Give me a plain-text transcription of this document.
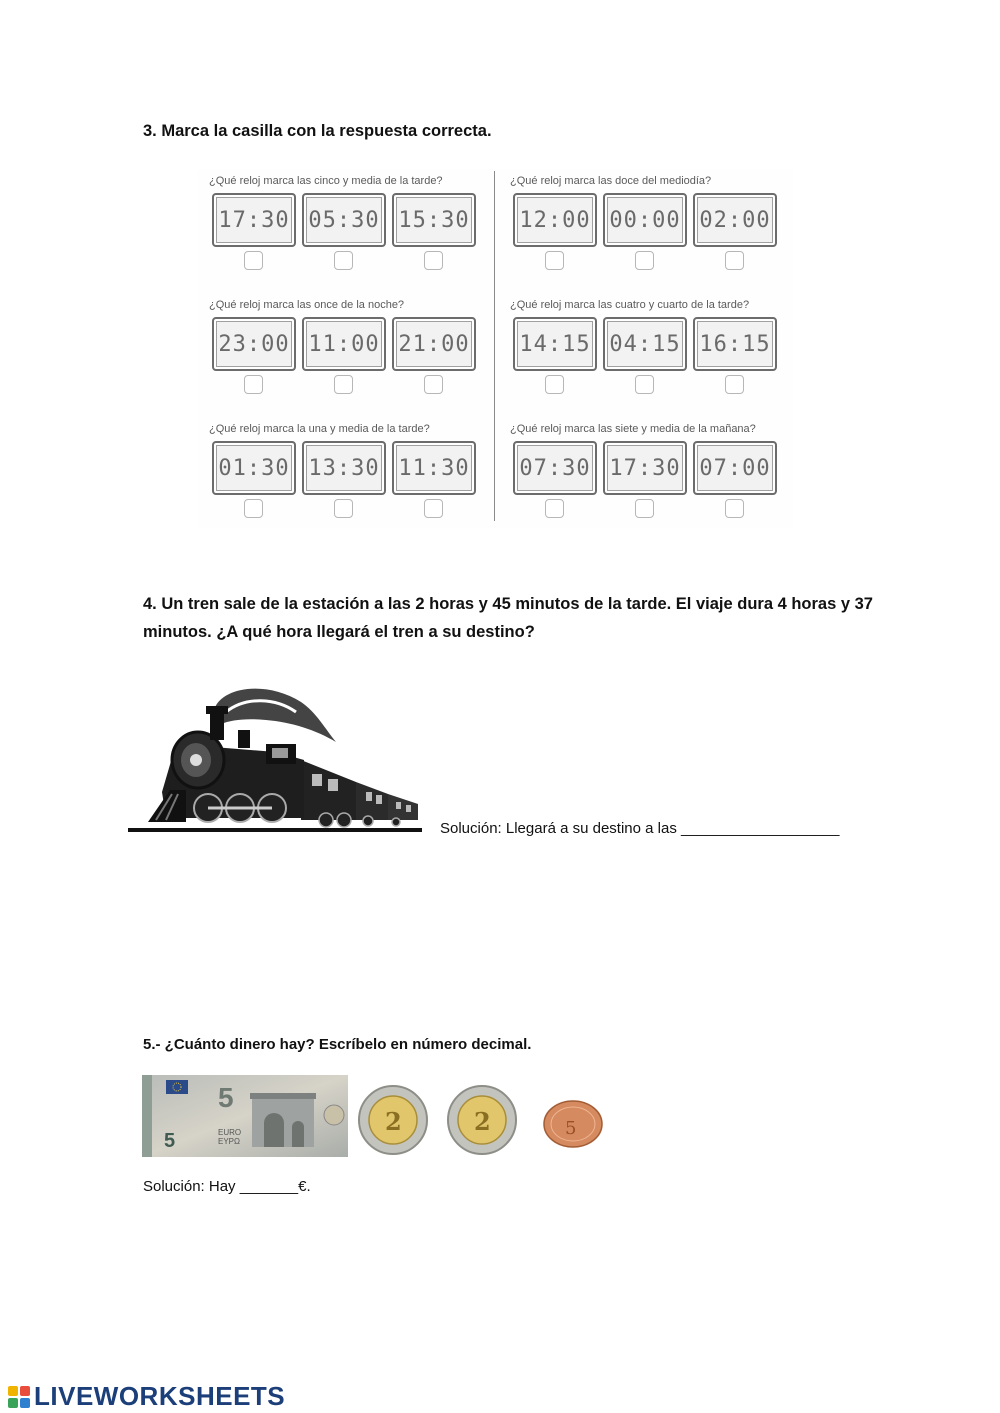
3. Marca la casilla con la respuesta correcta.

¿Qué reloj marca las cinco y media de la tarde?
17:30 05:30 15:30
¿Qué reloj marca las doce del mediodía?
12:00 00:00 02:00
¿Qué reloj marca las once de la noche?
23:00 11:00 21:00
¿Qué reloj marca las cuatro y cuarto de la tarde?
14:15 04:15 16:15
¿Qué reloj marca la una y media de la tarde?
01:30 13:30 11:30
¿Qué reloj marca las siete y media de la mañana?
07:30 17:30 07:00

4. Un tren sale de la estación a las 2 horas y 45 minutos de la tarde. El viaje dura 4 horas y 37 minutos. ¿A qué hora llegará el tren a su destino?

Solución: Llegará a su destino a las ___________________

5.- ¿Cuánto dinero hay? Escríbelo en número decimal.

5
5	EURO
ΕΥΡΩ
2	2	5
Solución: Hay _______€.
LIVEWORKSHEETS
